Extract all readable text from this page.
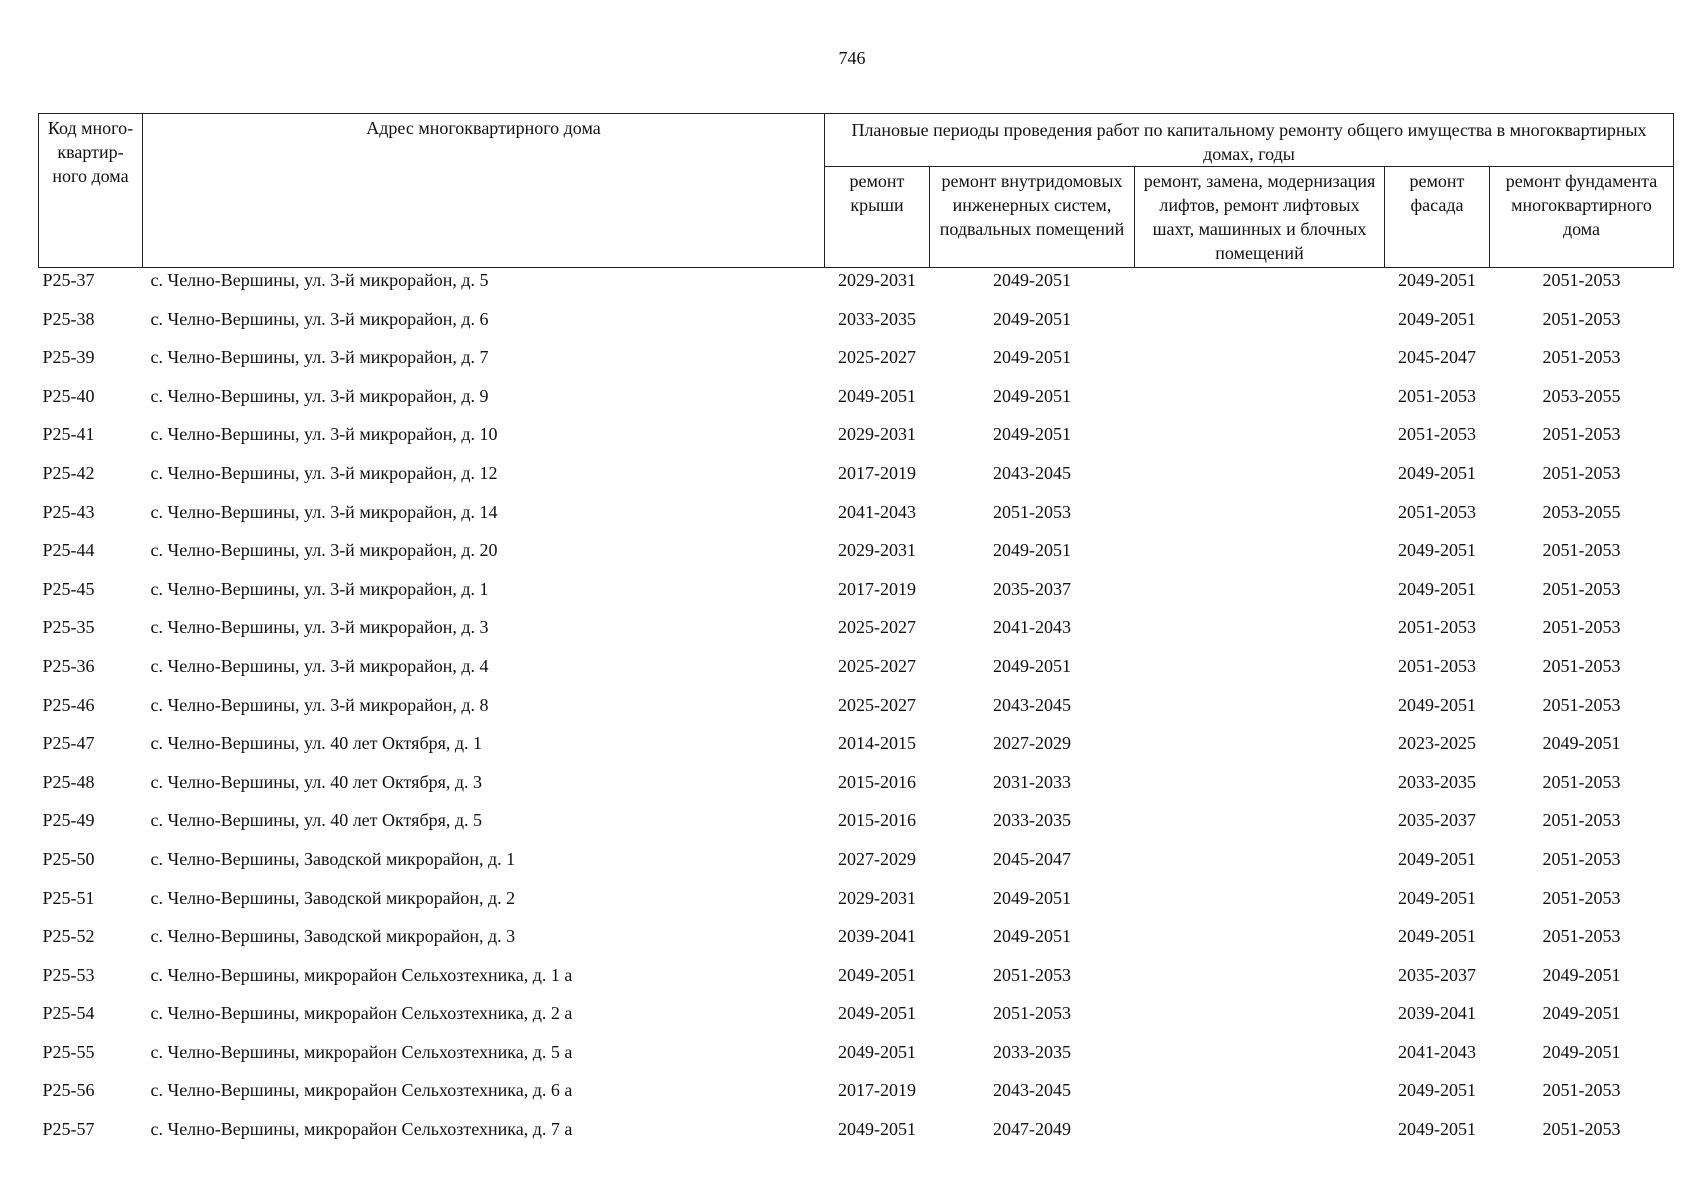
746
Код много-квартир-ного дома	Адрес многоквартирного дома	Плановые периоды проведения работ по капитальному ремонту общего имущества в многоквартирных домах, годы				
		ремонт крыши	ремонт внутридомовых инженерных систем, подвальных помещений	ремонт, замена, модернизация лифтов, ремонт лифтовых шахт, машинных и блочных помещений	ремонт фасада	ремонт фундамента многоквартирного дома
P25-37	с. Челно-Вершины, ул. 3-й микрорайон, д. 5	2029-2031	2049-2051		2049-2051	2051-2053
P25-38	с. Челно-Вершины, ул. 3-й микрорайон, д. 6	2033-2035	2049-2051		2049-2051	2051-2053
P25-39	с. Челно-Вершины, ул. 3-й микрорайон, д. 7	2025-2027	2049-2051		2045-2047	2051-2053
P25-40	с. Челно-Вершины, ул. 3-й микрорайон, д. 9	2049-2051	2049-2051		2051-2053	2053-2055
P25-41	с. Челно-Вершины, ул. 3-й микрорайон, д. 10	2029-2031	2049-2051		2051-2053	2051-2053
P25-42	с. Челно-Вершины, ул. 3-й микрорайон, д. 12	2017-2019	2043-2045		2049-2051	2051-2053
P25-43	с. Челно-Вершины, ул. 3-й микрорайон, д. 14	2041-2043	2051-2053		2051-2053	2053-2055
P25-44	с. Челно-Вершины, ул. 3-й микрорайон, д. 20	2029-2031	2049-2051		2049-2051	2051-2053
P25-45	с. Челно-Вершины, ул. 3-й микрорайон, д. 1	2017-2019	2035-2037		2049-2051	2051-2053
P25-35	с. Челно-Вершины, ул. 3-й микрорайон, д. 3	2025-2027	2041-2043		2051-2053	2051-2053
P25-36	с. Челно-Вершины, ул. 3-й микрорайон, д. 4	2025-2027	2049-2051		2051-2053	2051-2053
P25-46	с. Челно-Вершины, ул. 3-й микрорайон, д. 8	2025-2027	2043-2045		2049-2051	2051-2053
P25-47	с. Челно-Вершины, ул. 40 лет Октября, д. 1	2014-2015	2027-2029		2023-2025	2049-2051
P25-48	с. Челно-Вершины, ул. 40 лет Октября, д. 3	2015-2016	2031-2033		2033-2035	2051-2053
P25-49	с. Челно-Вершины, ул. 40 лет Октября, д. 5	2015-2016	2033-2035		2035-2037	2051-2053
P25-50	с. Челно-Вершины, Заводской микрорайон, д. 1	2027-2029	2045-2047		2049-2051	2051-2053
P25-51	с. Челно-Вершины, Заводской микрорайон, д. 2	2029-2031	2049-2051		2049-2051	2051-2053
P25-52	с. Челно-Вершины, Заводской микрорайон, д. 3	2039-2041	2049-2051		2049-2051	2051-2053
P25-53	с. Челно-Вершины, микрорайон Сельхозтехника, д. 1 а	2049-2051	2051-2053		2035-2037	2049-2051
P25-54	с. Челно-Вершины, микрорайон Сельхозтехника, д. 2 а	2049-2051	2051-2053		2039-2041	2049-2051
P25-55	с. Челно-Вершины, микрорайон Сельхозтехника, д. 5 а	2049-2051	2033-2035		2041-2043	2049-2051
P25-56	с. Челно-Вершины, микрорайон Сельхозтехника, д. 6 а	2017-2019	2043-2045		2049-2051	2051-2053
P25-57	с. Челно-Вершины, микрорайон Сельхозтехника, д. 7 а	2049-2051	2047-2049		2049-2051	2051-2053
